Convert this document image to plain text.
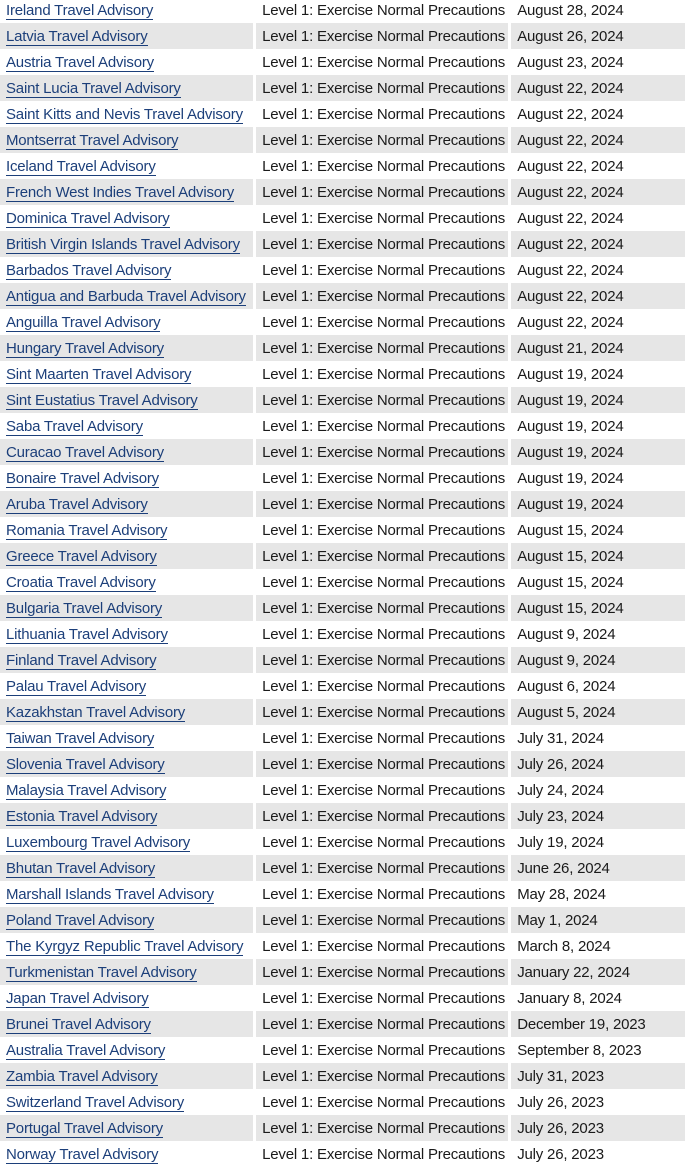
Ireland Travel Advisory	Level 1: Exercise Normal Precautions	August 28, 2024
Latvia Travel Advisory	Level 1: Exercise Normal Precautions	August 26, 2024
Austria Travel Advisory	Level 1: Exercise Normal Precautions	August 23, 2024
Saint Lucia Travel Advisory	Level 1: Exercise Normal Precautions	August 22, 2024
Saint Kitts and Nevis Travel Advisory	Level 1: Exercise Normal Precautions	August 22, 2024
Montserrat Travel Advisory	Level 1: Exercise Normal Precautions	August 22, 2024
Iceland Travel Advisory	Level 1: Exercise Normal Precautions	August 22, 2024
French West Indies Travel Advisory	Level 1: Exercise Normal Precautions	August 22, 2024
Dominica Travel Advisory	Level 1: Exercise Normal Precautions	August 22, 2024
British Virgin Islands Travel Advisory	Level 1: Exercise Normal Precautions	August 22, 2024
Barbados Travel Advisory	Level 1: Exercise Normal Precautions	August 22, 2024
Antigua and Barbuda Travel Advisory	Level 1: Exercise Normal Precautions	August 22, 2024
Anguilla Travel Advisory	Level 1: Exercise Normal Precautions	August 22, 2024
Hungary Travel Advisory	Level 1: Exercise Normal Precautions	August 21, 2024
Sint Maarten Travel Advisory	Level 1: Exercise Normal Precautions	August 19, 2024
Sint Eustatius Travel Advisory	Level 1: Exercise Normal Precautions	August 19, 2024
Saba Travel Advisory	Level 1: Exercise Normal Precautions	August 19, 2024
Curacao Travel Advisory	Level 1: Exercise Normal Precautions	August 19, 2024
Bonaire Travel Advisory	Level 1: Exercise Normal Precautions	August 19, 2024
Aruba Travel Advisory	Level 1: Exercise Normal Precautions	August 19, 2024
Romania Travel Advisory	Level 1: Exercise Normal Precautions	August 15, 2024
Greece Travel Advisory	Level 1: Exercise Normal Precautions	August 15, 2024
Croatia Travel Advisory	Level 1: Exercise Normal Precautions	August 15, 2024
Bulgaria Travel Advisory	Level 1: Exercise Normal Precautions	August 15, 2024
Lithuania Travel Advisory	Level 1: Exercise Normal Precautions	August 9, 2024
Finland Travel Advisory	Level 1: Exercise Normal Precautions	August 9, 2024
Palau Travel Advisory	Level 1: Exercise Normal Precautions	August 6, 2024
Kazakhstan Travel Advisory	Level 1: Exercise Normal Precautions	August 5, 2024
Taiwan Travel Advisory	Level 1: Exercise Normal Precautions	July 31, 2024
Slovenia Travel Advisory	Level 1: Exercise Normal Precautions	July 26, 2024
Malaysia Travel Advisory	Level 1: Exercise Normal Precautions	July 24, 2024
Estonia Travel Advisory	Level 1: Exercise Normal Precautions	July 23, 2024
Luxembourg Travel Advisory	Level 1: Exercise Normal Precautions	July 19, 2024
Bhutan Travel Advisory	Level 1: Exercise Normal Precautions	June 26, 2024
Marshall Islands Travel Advisory	Level 1: Exercise Normal Precautions	May 28, 2024
Poland Travel Advisory	Level 1: Exercise Normal Precautions	May 1, 2024
The Kyrgyz Republic Travel Advisory	Level 1: Exercise Normal Precautions	March 8, 2024
Turkmenistan Travel Advisory	Level 1: Exercise Normal Precautions	January 22, 2024
Japan Travel Advisory	Level 1: Exercise Normal Precautions	January 8, 2024
Brunei Travel Advisory	Level 1: Exercise Normal Precautions	December 19, 2023
Australia Travel Advisory	Level 1: Exercise Normal Precautions	September 8, 2023
Zambia Travel Advisory	Level 1: Exercise Normal Precautions	July 31, 2023
Switzerland Travel Advisory	Level 1: Exercise Normal Precautions	July 26, 2023
Portugal Travel Advisory	Level 1: Exercise Normal Precautions	July 26, 2023
Norway Travel Advisory	Level 1: Exercise Normal Precautions	July 26, 2023
